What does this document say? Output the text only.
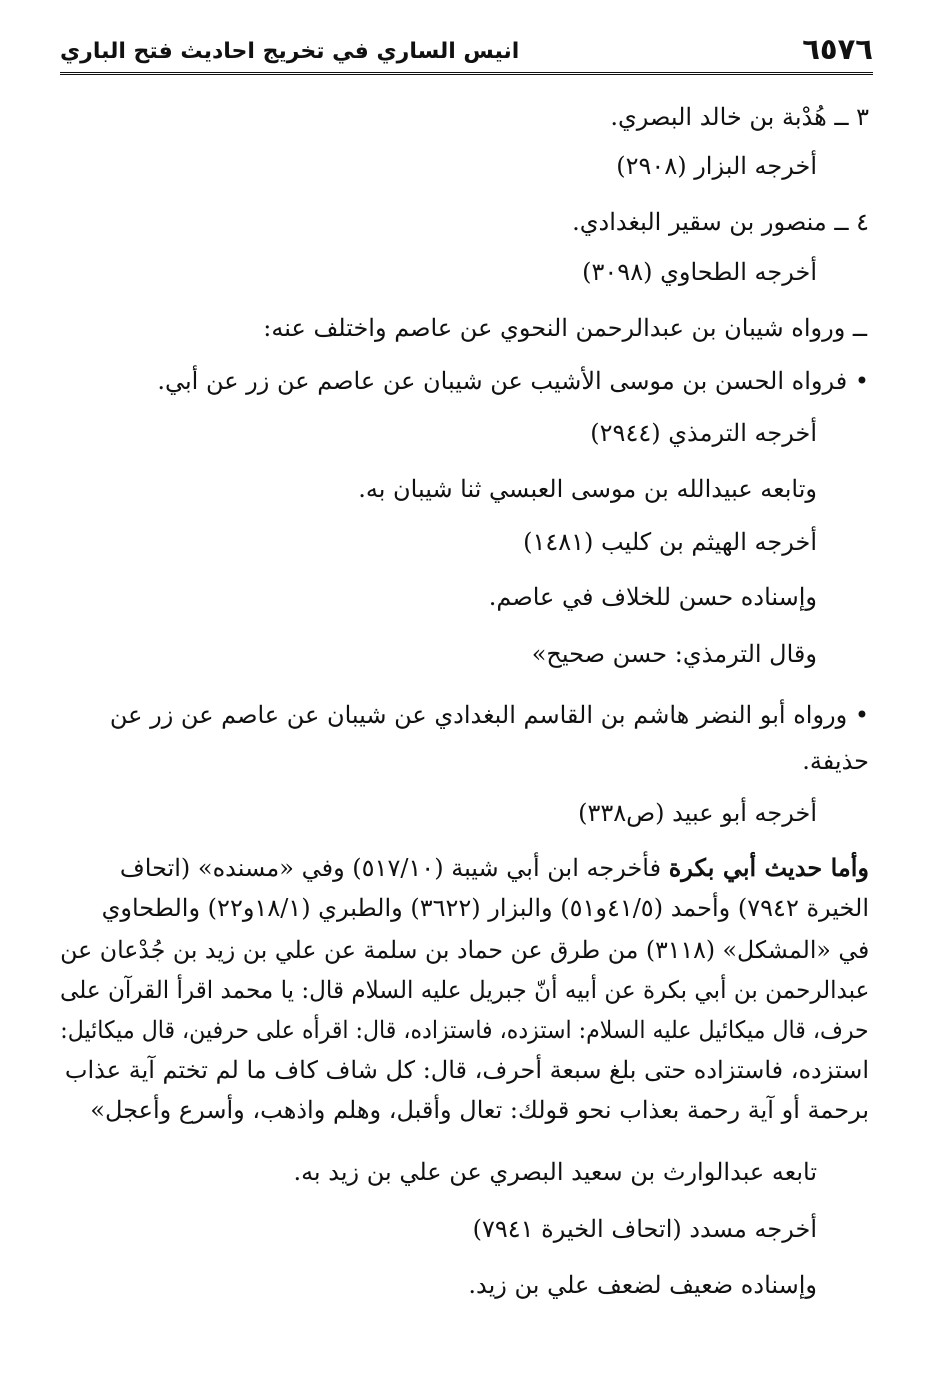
٦٥٧٦
انيس الساري في تخريج احاديث فتح الباري
٣ ــ هُدْبة بن خالد البصري.
أخرجه البزار (٢٩٠٨)
٤ ــ منصور بن سقير البغدادي.
أخرجه الطحاوي (٣٠٩٨)
ــ ورواه شيبان بن عبدالرحمن النحوي عن عاصم واختلف عنه:
• فرواه الحسن بن موسى الأشيب عن شيبان عن عاصم عن زر عن أبي.
أخرجه الترمذي (٢٩٤٤)
وتابعه عبيدالله بن موسى العبسي ثنا شيبان به.
أخرجه الهيثم بن كليب (١٤٨١)
وإسناده حسن للخلاف في عاصم.
وقال الترمذي: حسن صحيح»
• ورواه أبو النضر هاشم بن القاسم البغدادي عن شيبان عن عاصم عن زر عن
حذيفة.
أخرجه أبو عبيد (ص٣٣٨)
وأما حديث أبي بكرة فأخرجه ابن أبي شيبة (٥١٧/١٠) وفي «مسنده» (اتحاف
الخيرة ٧٩٤٢) وأحمد (٤١/٥و٥١) والبزار (٣٦٢٢) والطبري (١٨/١و٢٢) والطحاوي
في «المشكل» (٣١١٨) من طرق عن حماد بن سلمة عن علي بن زيد بن جُدْعان عن
عبدالرحمن بن أبي بكرة عن أبيه أنّ جبريل عليه السلام قال: يا محمد اقرأ القرآن على
حرف، قال ميكائيل عليه السلام: استزده، فاستزاده، قال: اقرأه على حرفين، قال ميكائيل:
استزده، فاستزاده حتى بلغ سبعة أحرف، قال: كل شاف كاف ما لم تختم آية عذاب
برحمة أو آية رحمة بعذاب نحو قولك: تعال وأقبل، وهلم واذهب، وأسرع وأعجل»
تابعه عبدالوارث بن سعيد البصري عن علي بن زيد به.
أخرجه مسدد (اتحاف الخيرة ٧٩٤١)
وإسناده ضعيف لضعف علي بن زيد.
